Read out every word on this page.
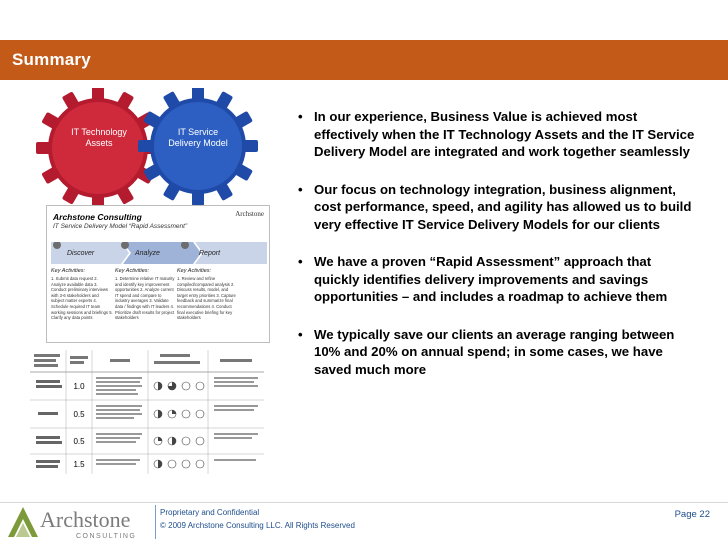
Summary
IT Technology Assets
IT Service Delivery Model
Archstone Consulting
IT Service Delivery Model “Rapid Assessment”
Archstone
Discover	Analyze	Report
Key Activities:	Key Activities:	Key Activities:
1. Submit data request 2. Analyze available data 3. Conduct preliminary interviews with 3-6 stakeholders and subject matter experts 4. Schedule required IT team working sessions and briefings 5. Clarify any data points
1. Determine relative IT maturity and identify key improvement opportunities 2. Analyze current IT spend and compare to industry averages 3. Validate data / findings with IT leaders 4. Prioritize draft results for project stakeholders
1. Review and refine compiled/compared analysis 2. Discuss results, model, and target entry priorities 3. Capture feedback and summarize final recommendations 4. Conduct final executive briefing for key stakeholders
1.0
0.5
0.5
1.5
• In our experience, Business Value is achieved most effectively when the IT Technology Assets and the IT Service Delivery Model are integrated and work together seamlessly
• Our focus on technology integration, business alignment, cost performance, speed, and agility has allowed us to build very effective IT Service Delivery Models for our clients
• We have a proven “Rapid Assessment” approach that quickly identifies delivery improvements and savings opportunities – and includes a roadmap to achieve them
• We typically save our clients an average ranging between 10% and 20% on annual spend; in some cases, we have saved much more
Archstone
CONSULTING
Proprietary and Confidential
© 2009 Archstone Consulting LLC. All Rights Reserved
Page 22
